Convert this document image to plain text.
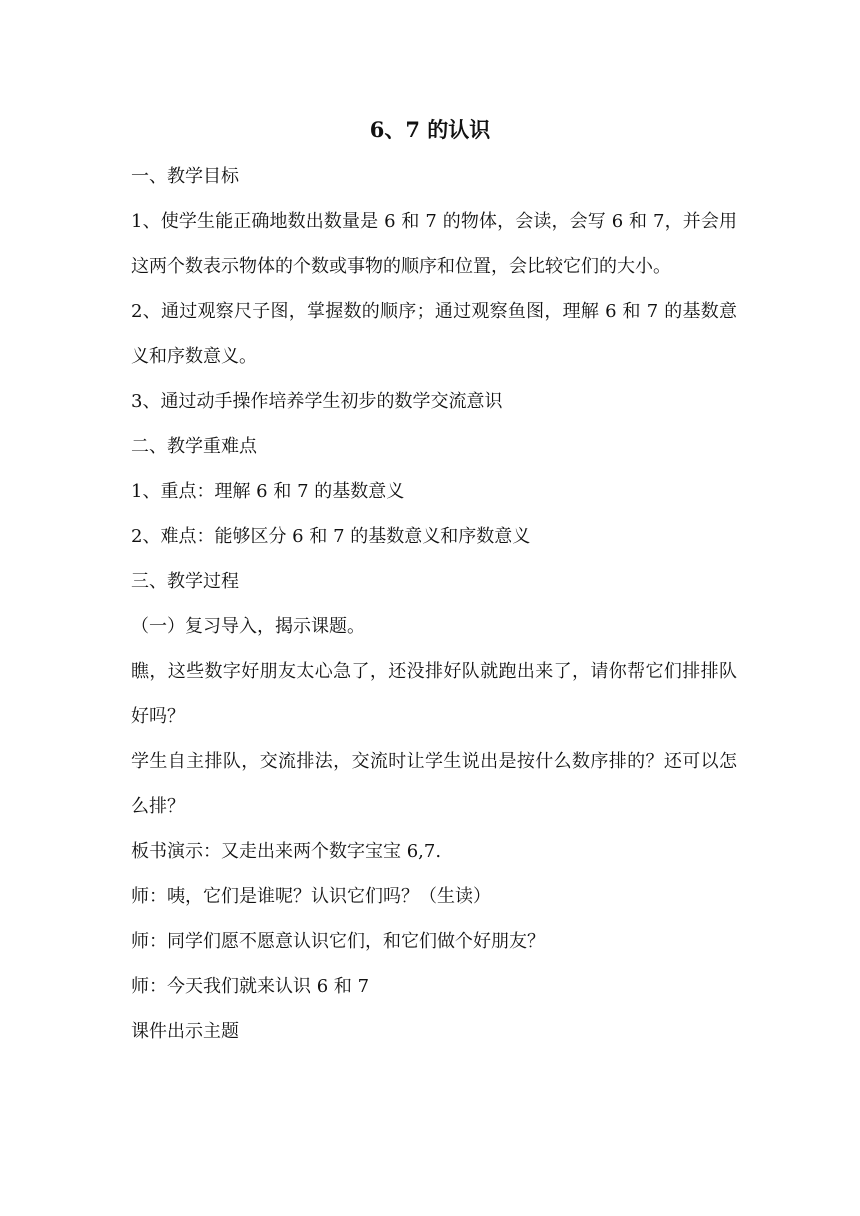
6、7 的认识

一、教学目标

1、使学生能正确地数出数量是 6 和 7 的物体，会读，会写 6 和 7，并会用这两个数表示物体的个数或事物的顺序和位置，会比较它们的大小。

2、通过观察尺子图，掌握数的顺序；通过观察鱼图，理解 6 和 7 的基数意义和序数意义。

3、通过动手操作培养学生初步的数学交流意识

二、教学重难点

1、重点：理解 6 和 7 的基数意义

2、难点：能够区分 6 和 7 的基数意义和序数意义

三、教学过程

（一）复习导入，揭示课题。

瞧，这些数字好朋友太心急了，还没排好队就跑出来了，请你帮它们排排队好吗？

学生自主排队，交流排法，交流时让学生说出是按什么数序排的？还可以怎么排？

板书演示：又走出来两个数字宝宝 6,7.

师：咦，它们是谁呢？认识它们吗？（生读）

师：同学们愿不愿意认识它们，和它们做个好朋友？

师：今天我们就来认识 6 和 7

课件出示主题
